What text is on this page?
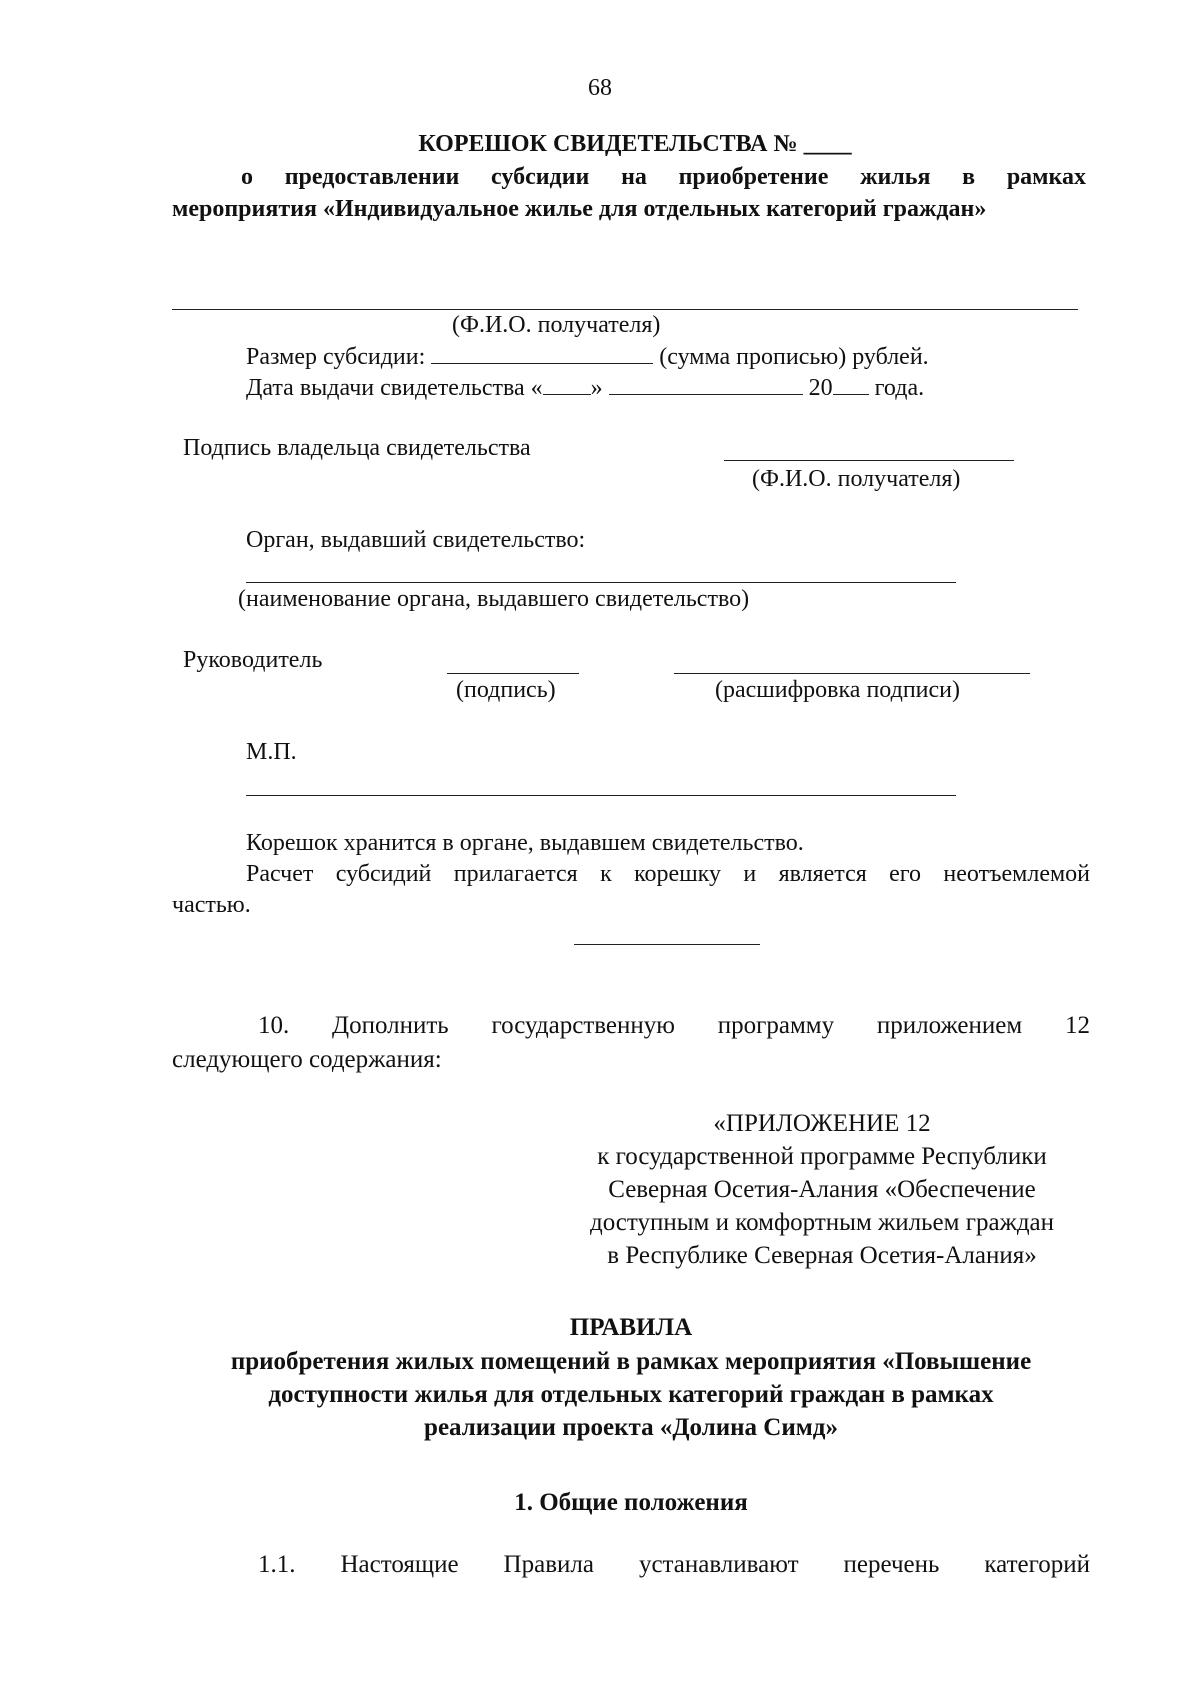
68
КОРЕШОК СВИДЕТЕЛЬСТВА № ____
о предоставлении субсидии на приобретение жилья в рамках
мероприятия «Индивидуальное жилье для отдельных категорий граждан»
(Ф.И.О. получателя)
Размер субсидии:	(сумма прописью) рублей.
Дата выдачи свидетельства « »	20 года.
Подпись владельца свидетельства
(Ф.И.О. получателя)
Орган, выдавший свидетельство:
(наименование органа, выдавшего свидетельство)
Руководитель
(подпись)	(расшифровка подписи)
М.П.
Корешок хранится в органе, выдавшем свидетельство.
Расчет субсидий прилагается к корешку и является его неотъемлемой
частью.
10. Дополнить государственную программу приложением 12
следующего содержания:
«ПРИЛОЖЕНИЕ 12
к государственной программе Республики
Северная Осетия-Алания «Обеспечение
доступным и комфортным жильем граждан
в Республике Северная Осетия-Алания»
ПРАВИЛА
приобретения жилых помещений в рамках мероприятия «Повышение
доступности жилья для отдельных категорий граждан в рамках
реализации проекта «Долина Симд»
1. Общие положения
1.1. Настоящие Правила устанавливают перечень категорий
